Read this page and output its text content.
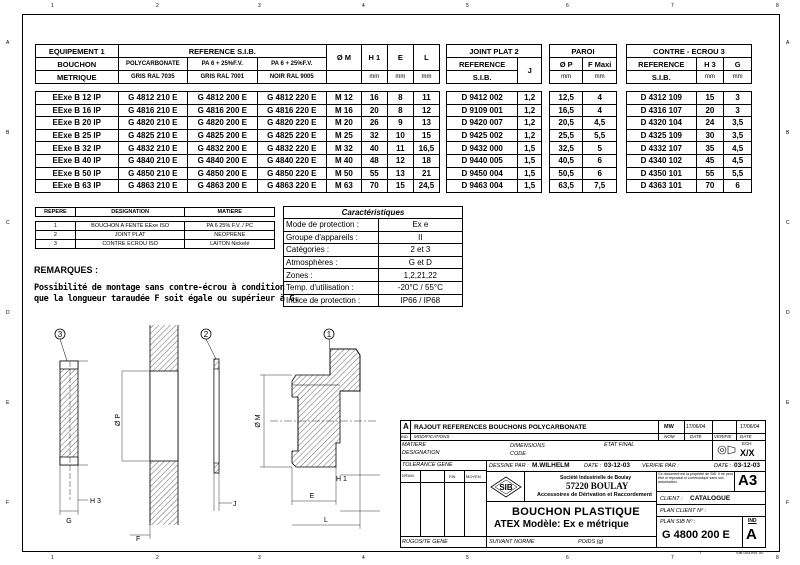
1
1
2
2
3
3
4
4
5
5
6
6
7
7
8
8
A	A
B	B
C	C
D	D
E	E
F	F
EQUIPEMENT 1	REFERENCE S.I.B.			Ø M	H 1	E	L
BOUCHON	POLYCARBONATE	PA 6 + 25%F.V.	PA 6 + 25%F.V.				
METRIQUE	GRIS RAL 7035	GRIS RAL 7001	NOIR RAL 9005		mm	mm	mm

EExe B 12 IP	G 4812 210 E	G 4812 200 E	G 4812 220 E	M 12	16	8	11
EExe B 16 IP	G 4816 210 E	G 4816 200 E	G 4816 220 E	M 16	20	8	12
EExe B 20 IP	G 4820 210 E	G 4820 200 E	G 4820 220 E	M 20	26	9	13
EExe B 25 IP	G 4825 210 E	G 4825 200 E	G 4825 220 E	M 25	32	10	15
EExe B 32 IP	G 4832 210 E	G 4832 200 E	G 4832 220 E	M 32	40	11	16,5
EExe B 40 IP	G 4840 210 E	G 4840 200 E	G 4840 220 E	M 40	48	12	18
EExe B 50 IP	G 4850 210 E	G 4850 200 E	G 4850 220 E	M 50	55	13	21
EExe B 63 IP	G 4863 210 E	G 4863 200 E	G 4863 220 E	M 63	70	15	24,5
JOINT PLAT 2	
REFERENCE	J
S.I.B.	

D 9412 002	1,2
D 9109 001	1,2
D 9420 007	1,2
D 9425 002	1,2
D 9432 000	1,5
D 9440 005	1,5
D 9450 004	1,5
D 9463 004	1,5
PAROI	
Ø P	F Maxi
mm	mm

12,5	4
16,5	4
20,5	4,5
25,5	5,5
32,5	5
40,5	6
50,5	6
63,5	7,5
CONTRE - ECROU 3		
REFERENCE	H 3	G
S.I.B.	mm	mm

D 4312 109	15	3
D 4316 107	20	3
D 4320 104	24	3,5
D 4325 109	30	3,5
D 4332 107	35	4,5
D 4340 102	45	4,5
D 4350 101	55	5,5
D 4363 101	70	6
REPERE	DESIGNATION	MATIERE

1	BOUCHON A FENTE EExe ISO	PA 6 25% F.V. / PC
2	JOINT PLAT	NEOPRENE
3	CONTRE ECROU ISO	LAITON Nickelé
Caractéristiques	
Mode de protection :	Ex e
Groupe d'appareils :	II
Catégories :	2 et 3
Atmosphères :	G et D
Zones :	1,2,21,22
Temp. d'utilisation :	-20°C / 55°C
Indice de protection :	IP66 / IP68
REMARQUES :
Possibilité de montage sans contre-écrou à condition
que la longueur taraudée F soit égale ou supérieur à G.
3
G
H 3
Ø P
F
2
J
1
Ø M
E
L
H 1
A RAJOUT REFERENCES BOUCHONS POLYCARBONATE	MW 17/06/04	17/06/04
IND MODIFICATIONS	NOM	DATE	VERIFIE DATE
MATIERE
DESIGNATION
DIMENSIONS
CODE
ETAT FINAL	ECH
X/X
TOLERANCE GENE	DESSINE PAR : M.WILHELM	DATE : 03-12-03 VERIFIE PAR :	DATE : 03-12-03
NºDIM	FIN	MOYEN
SIB
Société Industrielle de Boulay
57220 BOULAY
Accessoires de Dérivation et Raccordement
Ce document est la propriété de SIB. Il ne peut être ni reproduit ni communiqué sans son autorisation.	A3
CLIENT : CATALOGUE
PLAN CLIENT Nº :
BOUCHON PLASTIQUE
ATEX Modèle: Ex e métrique	PLAN SIB Nº :
G 4800 200 E
IND
A
RUGOSITE GENE	SUIVANT NORME	POIDS (g)
f	SIB 003 ind. 00
